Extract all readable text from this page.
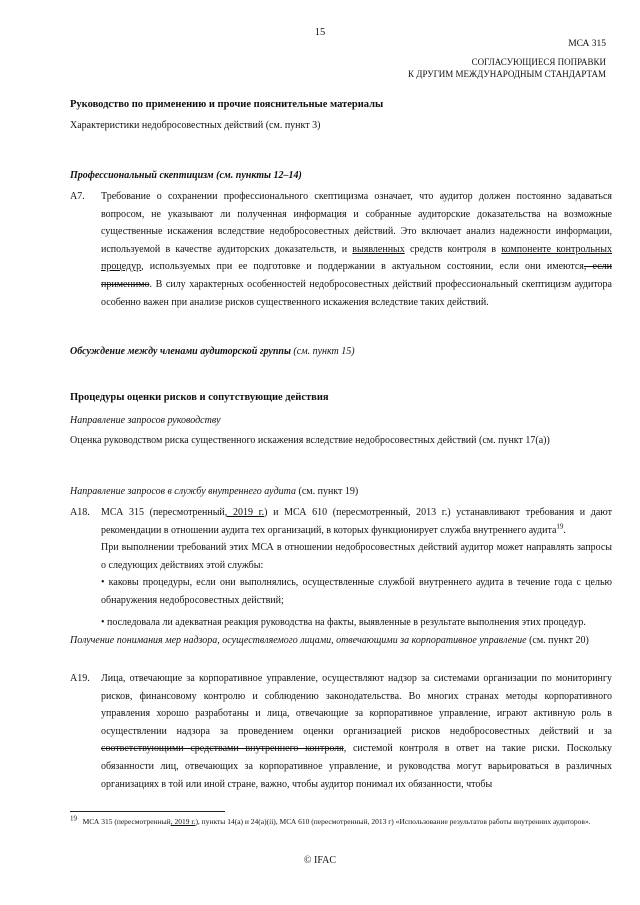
15
МСА 315
СОГЛАСУЮЩИЕСЯ ПОПРАВКИ
К ДРУГИМ МЕЖДУНАРОДНЫМ СТАНДАРТАМ
Руководство по применению и прочие пояснительные материалы
Характеристики недобросовестных действий (см. пункт 3)
Профессиональный скептицизм (см. пункты 12–14)
A7. Требование о сохранении профессионального скептицизма означает, что аудитор должен постоянно задаваться вопросом, не указывают ли полученная информация и собранные аудиторские доказательства на возможные существенные искажения вследствие недобросовестных действий. Это включает анализ надежности информации, используемой в качестве аудиторских доказательств, и выявленных средств контроля в компоненте контрольных процедур, используемых при ее подготовке и поддержании в актуальном состоянии, если они имеются, если применимо. В силу характерных особенностей недобросовестных действий профессиональный скептицизм аудитора особенно важен при анализе рисков существенного искажения вследствие таких действий.
Обсуждение между членами аудиторской группы (см. пункт 15)
Процедуры оценки рисков и сопутствующие действия
Направление запросов руководству
Оценка руководством риска существенного искажения вследствие недобросовестных действий (см. пункт 17(а))
Направление запросов в службу внутреннего аудита (см. пункт 19)
A18. МСА 315 (пересмотренный, 2019 г.) и МСА 610 (пересмотренный, 2013 г.) устанавливают требования и дают рекомендации в отношении аудита тех организаций, в которых функционирует служба внутреннего аудита$^{19}$.
При выполнении требований этих МСА в отношении недобросовестных действий аудитор может направлять запросы о следующих действиях этой службы:
• каковы процедуры, если они выполнялись, осуществленные службой внутреннего аудита в течение года с целью обнаружения недобросовестных действий;
• последовала ли адекватная реакция руководства на факты, выявленные в результате выполнения этих процедур.
Получение понимания мер надзора, осуществляемого лицами, отвечающими за корпоративное управление (см. пункт 20)
A19. Лица, отвечающие за корпоративное управление, осуществляют надзор за системами организации по мониторингу рисков, финансовому контролю и соблюдению законодательства. Во многих странах методы корпоративного управления хорошо разработаны и лица, отвечающие за корпоративное управление, играют активную роль в осуществлении надзора за проведением оценки организацией рисков недобросовестных действий и за соответствующими средствами внутреннего контроля, системой контроля в ответ на такие риски. Поскольку обязанности лиц, отвечающих за корпоративное управление, и руководства могут варьироваться в различных организациях в той или иной стране, важно, чтобы аудитор понимал их обязанности, чтобы
$^{19}$ МСА 315 (пересмотренный, 2019 г.), пункты 14(а) и 24(а)(ii), МСА 610 (пересмотренный, 2013 г) «Использование результатов работы внутренних аудиторов».
© IFAC
